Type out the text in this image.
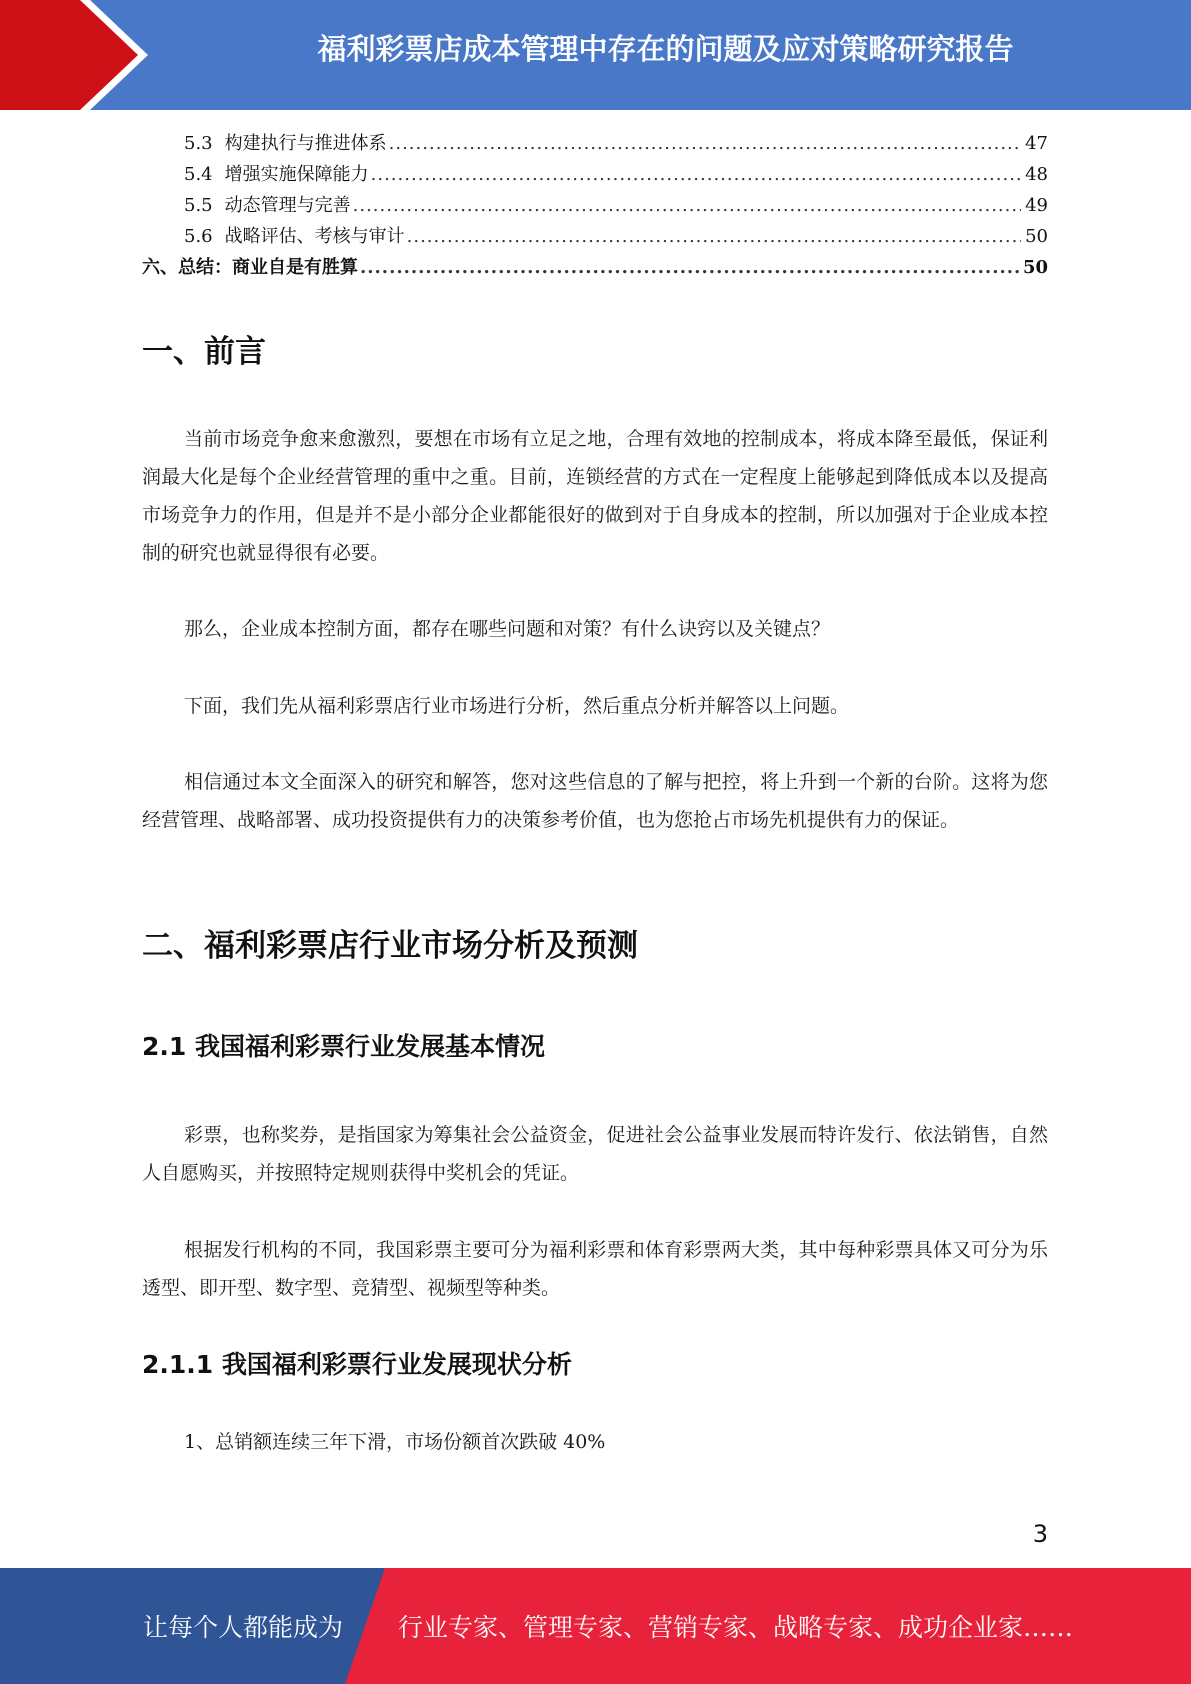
福利彩票店成本管理中存在的问题及应对策略研究报告
5.3 构建执行与推进体系 .....	47
5.4 增强实施保障能力 .....	48
5.5 动态管理与完善 .....	49
5.6 战略评估、考核与审计 .....	50
六、总结：商业自是有胜算 .....	50
一、前言

当前市场竞争愈来愈激烈，要想在市场有立足之地，合理有效地的控制成本，将成本降至最低，保证利润最大化是每个企业经营管理的重中之重。目前，连锁经营的方式在一定程度上能够起到降低成本以及提高市场竞争力的作用，但是并不是小部分企业都能很好的做到对于自身成本的控制，所以加强对于企业成本控制的研究也就显得很有必要。

那么，企业成本控制方面，都存在哪些问题和对策？有什么诀窍以及关键点？

下面，我们先从福利彩票店行业市场进行分析，然后重点分析并解答以上问题。

相信通过本文全面深入的研究和解答，您对这些信息的了解与把控，将上升到一个新的台阶。这将为您经营管理、战略部署、成功投资提供有力的决策参考价值，也为您抢占市场先机提供有力的保证。

二、福利彩票店行业市场分析及预测
2.1 我国福利彩票行业发展基本情况

彩票，也称奖券，是指国家为筹集社会公益资金，促进社会公益事业发展而特许发行、依法销售，自然人自愿购买，并按照特定规则获得中奖机会的凭证。

根据发行机构的不同，我国彩票主要可分为福利彩票和体育彩票两大类，其中每种彩票具体又可分为乐透型、即开型、数字型、竞猜型、视频型等种类。

2.1.1 我国福利彩票行业发展现状分析

1、总销额连续三年下滑，市场份额首次跌破 40%

3
让每个人都能成为 行业专家、管理专家、营销专家、战略专家、成功企业家……
